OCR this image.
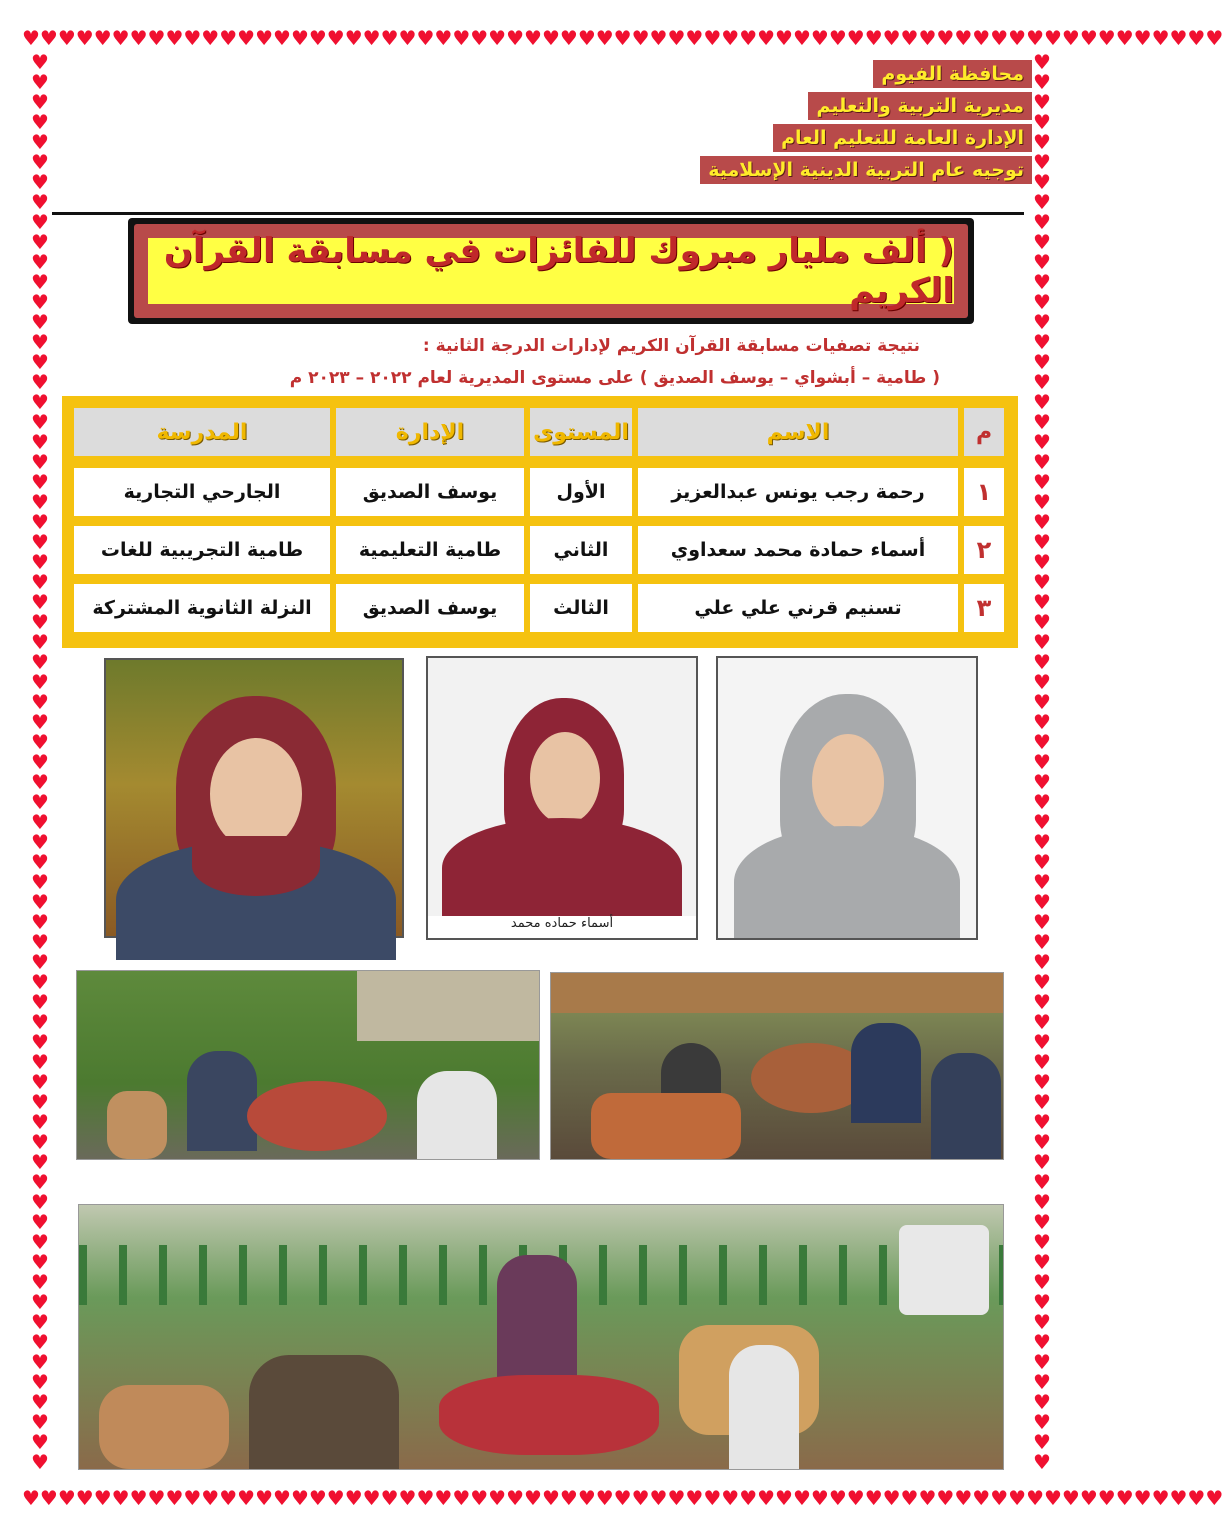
♥♥♥♥♥♥♥♥♥♥♥♥♥♥♥♥♥♥♥♥♥♥♥♥♥♥♥♥♥♥♥♥♥♥♥♥♥♥♥♥♥♥♥♥♥♥♥♥♥♥♥♥♥♥♥♥♥♥♥♥♥♥♥♥♥♥♥
♥♥♥♥♥♥♥♥♥♥♥♥♥♥♥♥♥♥♥♥♥♥♥♥♥♥♥♥♥♥♥♥♥♥♥♥♥♥♥♥♥♥♥♥♥♥♥♥♥♥♥♥♥♥♥♥♥♥♥♥♥♥♥♥♥♥♥
♥♥♥♥♥♥♥♥♥♥♥♥♥♥♥♥♥♥♥♥♥♥♥♥♥♥♥♥♥♥♥♥♥♥♥♥♥♥♥♥♥♥♥♥♥♥♥♥♥♥♥♥♥♥♥♥♥♥♥♥♥♥♥♥♥♥♥♥♥♥♥
♥♥♥♥♥♥♥♥♥♥♥♥♥♥♥♥♥♥♥♥♥♥♥♥♥♥♥♥♥♥♥♥♥♥♥♥♥♥♥♥♥♥♥♥♥♥♥♥♥♥♥♥♥♥♥♥♥♥♥♥♥♥♥♥♥♥♥♥♥♥♥
محافظة الفيوم
مديرية التربية والتعليم
الإدارة العامة للتعليم العام
توجيه عام التربية الدينية الإسلامية
( ألف مليار مبروك للفائزات في مسابقة القرآن الكريم
نتيجة تصفيات مسابقة القرآن الكريم لإدارات الدرجة الثانية :
( طامية – أبشواي – يوسف الصديق ) على مستوى المديرية لعام ٢٠٢٢ – ٢٠٢٣ م
م
الاسم
المستوى
الإدارة
المدرسة
١
رحمة رجب يونس عبدالعزيز
الأول
يوسف الصديق
الجارحي التجارية
٢
أسماء حمادة محمد سعداوي
الثاني
طامية التعليمية
طامية التجريبية للغات
٣
تسنيم قرني علي علي
الثالث
يوسف الصديق
النزلة الثانوية المشتركة
أسماء حماده محمد
